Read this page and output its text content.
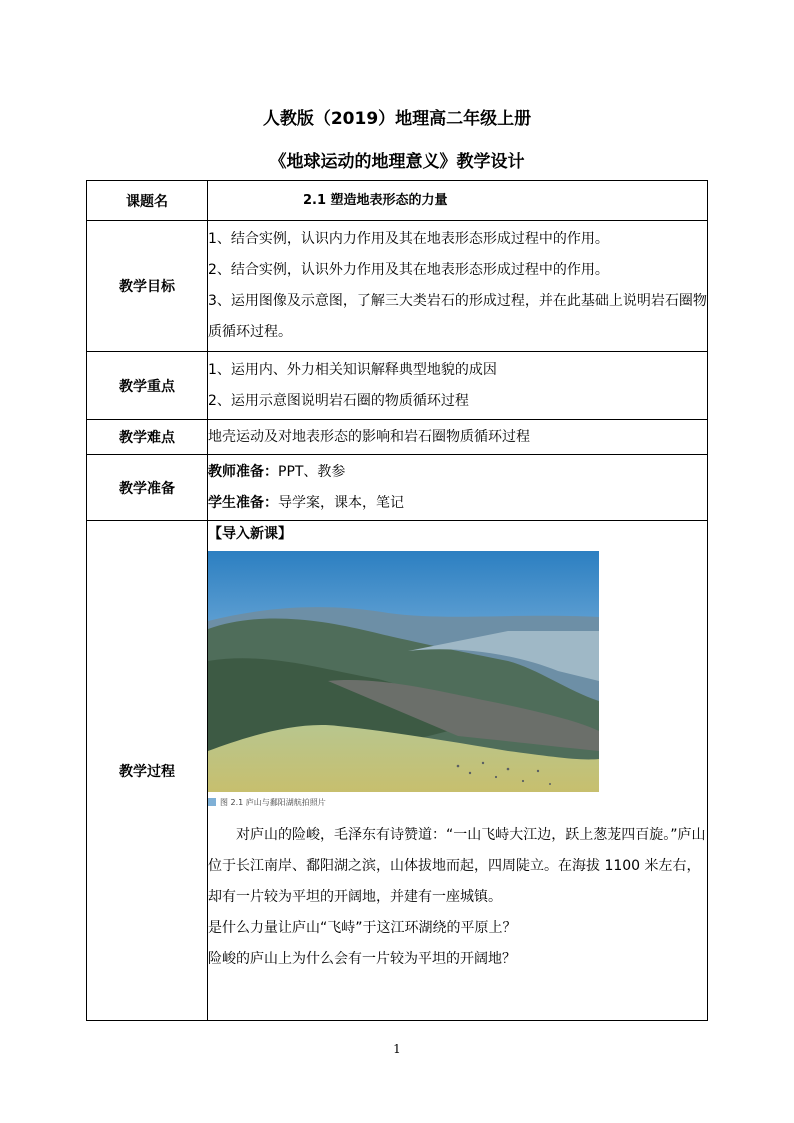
人教版（2019）地理高二年级上册
《地球运动的地理意义》教学设计
课题名	2.1 塑造地表形态的力量

教学目标	1、结合实例，认识内力作用及其在地表形态形成过程中的作用。
2、结合实例，认识外力作用及其在地表形态形成过程中的作用。
3、运用图像及示意图，了解三大类岩石的形成过程，并在此基础上说明岩石圈物质循环过程。

教学重点	1、运用内、外力相关知识解释典型地貌的成因
2、运用示意图说明岩石圈的物质循环过程

教学难点	地壳运动及对地表形态的影响和岩石圈物质循环过程

教学准备	教师准备：PPT、教参
学生准备：导学案，课本，笔记

教学过程	【导入新课】
图 2.1 庐山与鄱阳湖航拍照片
对庐山的险峻，毛泽东有诗赞道：“一山飞峙大江边，跃上葱茏四百旋。”庐山位于长江南岸、鄱阳湖之滨，山体拔地而起，四周陡立。在海拔 1100 米左右，却有一片较为平坦的开阔地，并建有一座城镇。
是什么力量让庐山“飞峙”于这江环湖绕的平原上？
险峻的庐山上为什么会有一片较为平坦的开阔地？
1
